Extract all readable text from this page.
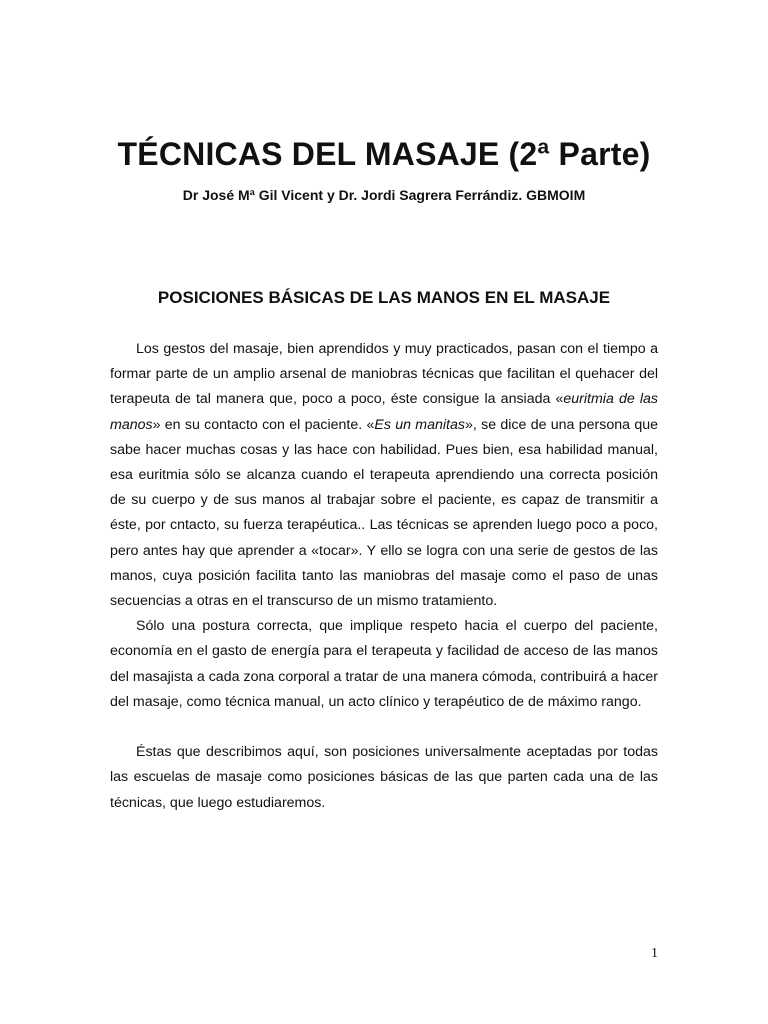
TÉCNICAS DEL MASAJE (2ª Parte)
Dr José Mª Gil Vicent y Dr. Jordi Sagrera Ferrándiz. GBMOIM
POSICIONES BÁSICAS DE LAS MANOS EN EL MASAJE

Los gestos del masaje, bien aprendidos y muy practicados, pasan con el tiempo a formar parte de un amplio arsenal de maniobras técnicas que facilitan el quehacer del terapeuta de tal manera que, poco a poco, éste consigue la ansiada «euritmia de las manos» en su contacto con el paciente. «Es un manitas», se dice de una persona que sabe hacer muchas cosas y las hace con habilidad. Pues bien, esa habilidad manual, esa euritmia sólo se alcanza cuando el terapeuta aprendiendo una correcta posición de su cuerpo y de sus manos al trabajar sobre el paciente, es capaz de transmitir a éste, por cntacto, su fuerza terapéutica.. Las técnicas se aprenden luego poco a poco, pero antes hay que aprender a «tocar». Y ello se logra con una serie de gestos de las manos, cuya posición facilita tanto las maniobras del masaje como el paso de unas secuencias a otras en el transcurso de un mismo tratamiento.

Sólo una postura correcta, que implique respeto hacia el cuerpo del paciente, economía en el gasto de energía para el terapeuta y facilidad de acceso de las manos del masajista a cada zona corporal a tratar de una manera cómoda, contribuirá a hacer del masaje, como técnica manual, un acto clínico y terapéutico de de máximo rango.

Éstas que describimos aquí, son posiciones universalmente aceptadas por todas las escuelas de masaje como posiciones básicas de las que parten cada una de las técnicas, que luego estudiaremos.

1
